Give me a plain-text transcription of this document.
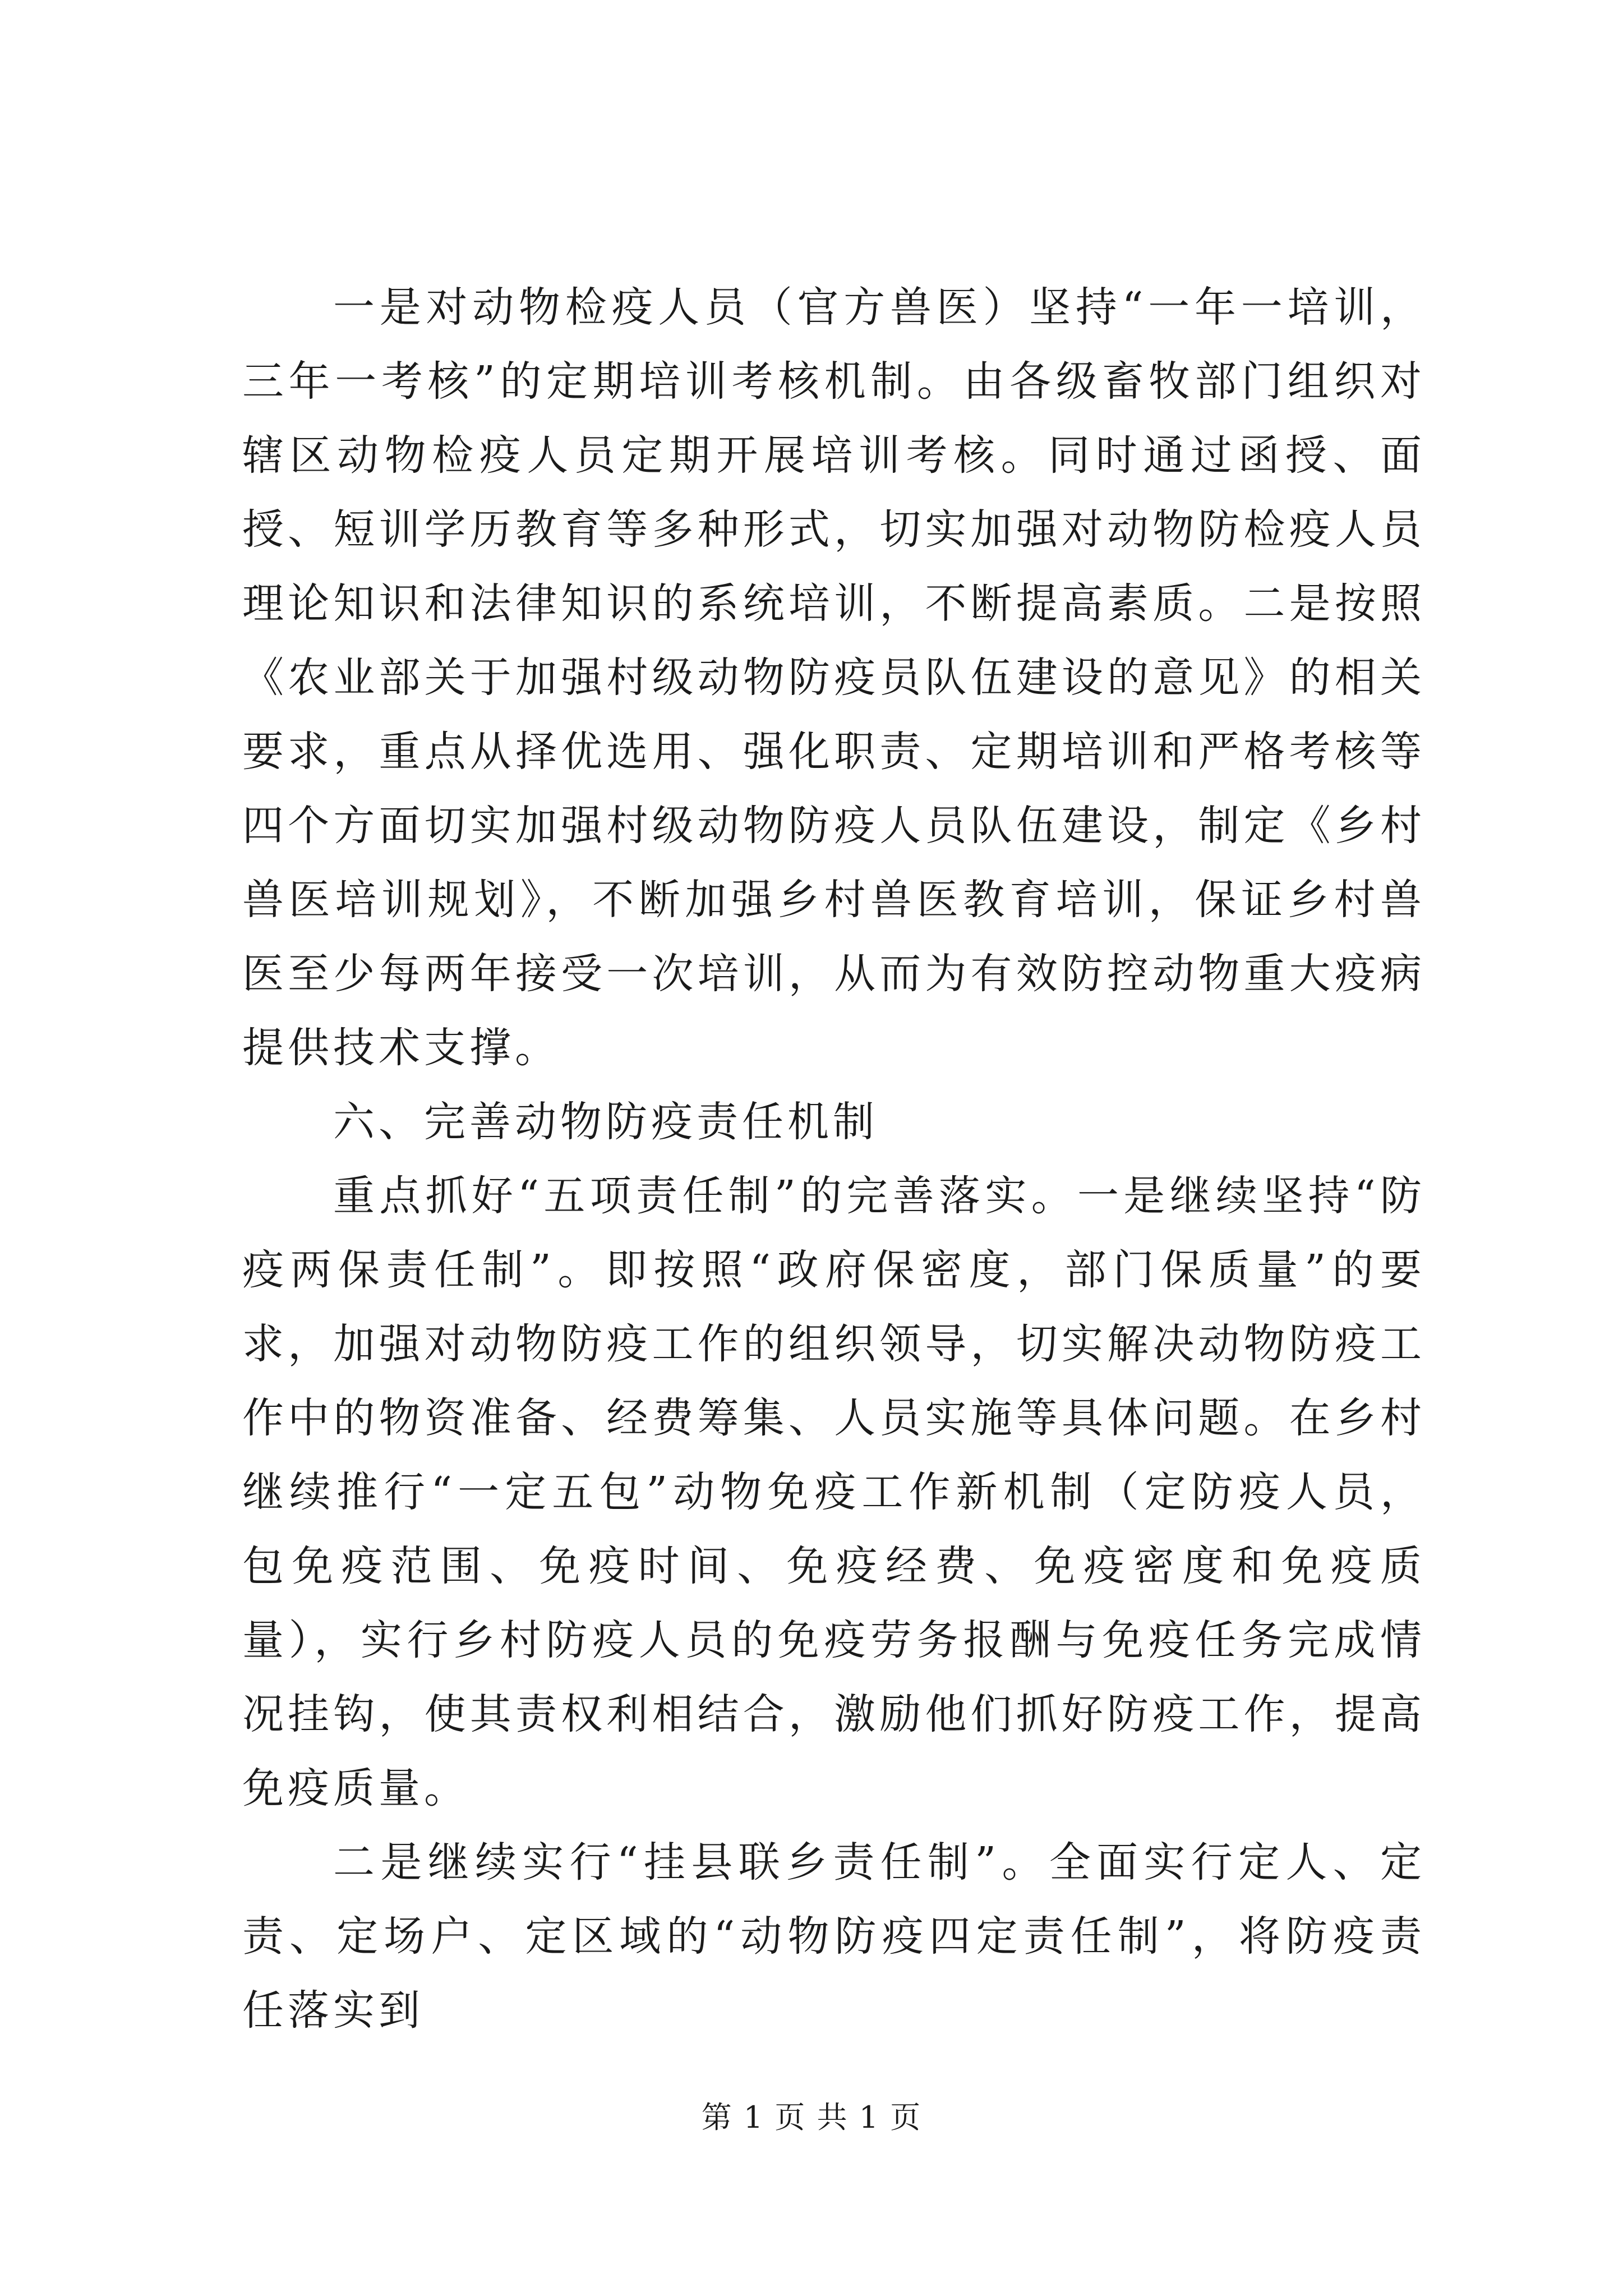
一是对动物检疫人员（官方兽医）坚持“一年一培训，三年一考核”的定期培训考核机制。由各级畜牧部门组织对辖区动物检疫人员定期开展培训考核。同时通过函授、面授、短训学历教育等多种形式，切实加强对动物防检疫人员理论知识和法律知识的系统培训，不断提高素质。二是按照《农业部关于加强村级动物防疫员队伍建设的意见》的相关要求，重点从择优选用、强化职责、定期培训和严格考核等四个方面切实加强村级动物防疫人员队伍建设，制定《乡村兽医培训规划》，不断加强乡村兽医教育培训，保证乡村兽医至少每两年接受一次培训，从而为有效防控动物重大疫病提供技术支撑。

六、完善动物防疫责任机制

重点抓好“五项责任制”的完善落实。一是继续坚持“防疫两保责任制”。即按照“政府保密度，部门保质量”的要求，加强对动物防疫工作的组织领导，切实解决动物防疫工作中的物资准备、经费筹集、人员实施等具体问题。在乡村继续推行“一定五包”动物免疫工作新机制（定防疫人员，包免疫范围、免疫时间、免疫经费、免疫密度和免疫质量），实行乡村防疫人员的免疫劳务报酬与免疫任务完成情况挂钩，使其责权利相结合，激励他们抓好防疫工作，提高免疫质量。

二是继续实行“挂县联乡责任制”。全面实行定人、定责、定场户、定区域的“动物防疫四定责任制”，将防疫责任落实到

第 1 页 共 1 页
